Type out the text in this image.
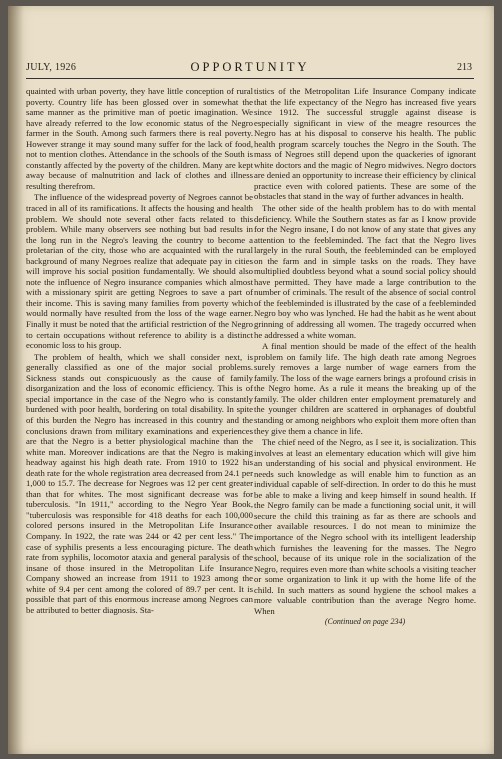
JULY, 1926	OPPORTUNITY	213

quainted with urban poverty, they have little conception of rural poverty. Country life has been glossed over in somewhat the same manner as the primitive man of poetic imagination. We have already referred to the low economic status of the Negro farmer in the South. Among such farmers there is real poverty. However strange it may sound many suffer for the lack of food, not to mention clothes. Attendance in the schools of the South is constantly affected by the poverty of the children. Many are kept away because of malnutrition and lack of clothes and illness resulting therefrom.

The influence of the widespread poverty of Negroes cannot be traced in all of its ramifications. It affects the housing and health problem. We should note several other facts related to this problem. While many observers see nothing but bad results in the long run in the Negro's leaving the country to become a proletarian of the city, those who are acquainted with the rural background of many Negroes realize that adequate pay in cities will improve his social position fundamentally. We should also note the influence of Negro insurance companies which almost with a missionary spirit are getting Negroes to save a part of their income. This is saving many families from poverty which would normally have resulted from the loss of the wage earner. Finally it must be noted that the artificial restriction of the Negro to certain occupations without reference to ability is a distinct economic loss to his group.

The problem of health, which we shall consider next, is generally classified as one of the major social problems. Sickness stands out conspicuously as the cause of family disorganization and the loss of economic efficiency. This is of special importance in the case of the Negro who is constantly burdened with poor health, bordering on total disability. In spite of this burden the Negro has increased in this country and the conclusions drawn from military examinations and experiences are that the Negro is a better physiological machine than the white man. Moreover indications are that the Negro is making headway against his high death rate. From 1910 to 1922 his death rate for the whole registration area decreased from 24.1 per 1,000 to 15.7. The decrease for Negroes was 12 per cent greater than that for whites. The most significant decrease was for tuberculosis. "In 1911," according to the Negro Year Book, "tuberculosis was responsible for 418 deaths for each 100,000 colored persons insured in the Metropolitan Life Insurance Company. In 1922, the rate was 244 or 42 per cent less." The case of syphilis presents a less encouraging picture. The death rate from syphilis, locomotor ataxia and general paralysis of the insane of those insured in the Metropolitan Life Insurance Company showed an increase from 1911 to 1923 among the white of 9.4 per cent among the colored of 89.7 per cent. It is possible that part of this enormous increase among Negroes can be attributed to better diagnosis. Sta-

tistics of the Metropolitan Life Insurance Company indicate that the life expectancy of the Negro has increased five years since 1912. The successful struggle against disease is especially significant in view of the meagre resources the Negro has at his disposal to conserve his health. The public health program scarcely touches the Negro in the South. The mass of Negroes still depend upon the quackeries of ignorant white doctors and the magic of Negro midwives. Negro doctors are denied an opportunity to increase their efficiency by clinical practice even with colored patients. These are some of the obstacles that stand in the way of further advances in health.

The other side of the health problem has to do with mental deficiency. While the Southern states as far as I know provide for the Negro insane, I do not know of any state that gives any attention to the feebleminded. The fact that the Negro lives largely in the rural South, the feebleminded can be employed on the farm and in simple tasks on the roads. They have multiplied doubtless beyond what a sound social policy should have permitted. They have made a large contribution to the number of criminals. The result of the absence of social control of the feebleminded is illustrated by the case of a feebleminded Negro boy who was lynched. He had the habit as he went about grinning of addressing all women. The tragedy occurred when he addressed a white woman.

A final mention should be made of the effect of the health problem on family life. The high death rate among Negroes surely removes a large number of wage earners from the family. The loss of the wage earners brings a profound crisis in the Negro home. As a rule it means the breaking up of the family. The older children enter employment prematurely and the younger children are scattered in orphanages of doubtful standing or among neighbors who exploit them more often than they give them a chance in life.

The chief need of the Negro, as I see it, is socialization. This involves at least an elementary education which will give him an understanding of his social and physical environment. He needs such knowledge as will enable him to function as an individual capable of self-direction. In order to do this he must be able to make a living and keep himself in sound health. If the Negro family can be made a functioning social unit, it will secure the child this training as far as there are schools and other available resources. I do not mean to minimize the importance of the Negro school with its intelligent leadership which furnishes the leavening for the masses. The Negro school, because of its unique role in the socialization of the Negro, requires even more than white schools a visiting teacher or some organization to link it up with the home life of the child. In such matters as sound hygiene the school makes a more valuable contribution than the average Negro home. When

(Continued on page 234)
